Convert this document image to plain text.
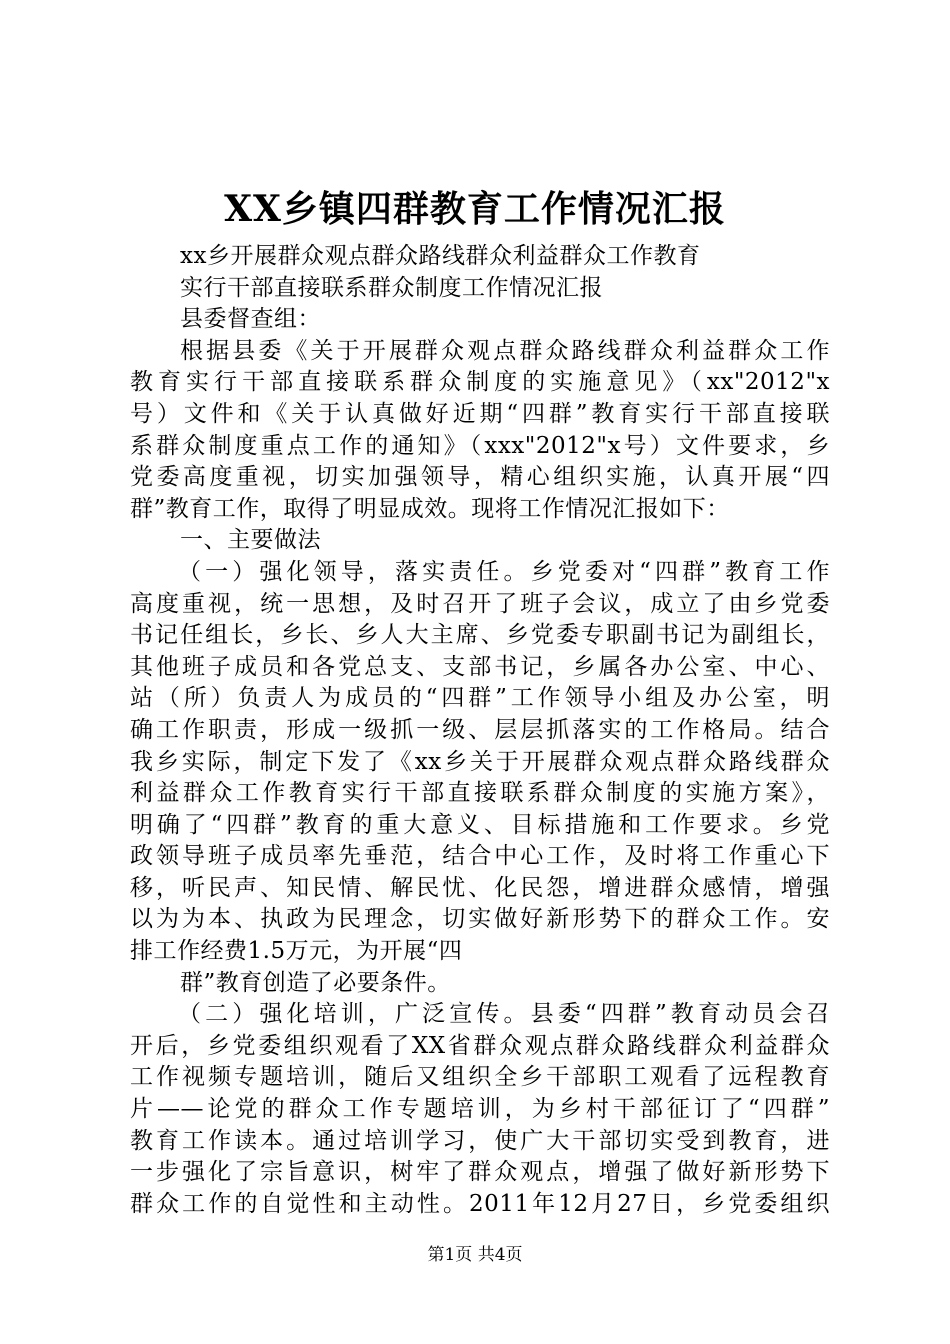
XX乡镇四群教育工作情况汇报
xx乡开展群众观点群众路线群众利益群众工作教育
实行干部直接联系群众制度工作情况汇报
县委督查组：
根据县委《关于开展群众观点群众路线群众利益群众工作
教育实行干部直接联系群众制度的实施意见》（xx"2012"x
号）文件和《关于认真做好近期“四群”教育实行干部直接联
系群众制度重点工作的通知》（xxx"2012"x号）文件要求，乡
党委高度重视，切实加强领导，精心组织实施，认真开展“四
群”教育工作，取得了明显成效。现将工作情况汇报如下：
一、主要做法
（一）强化领导，落实责任。乡党委对“四群”教育工作
高度重视，统一思想，及时召开了班子会议，成立了由乡党委
书记任组长，乡长、乡人大主席、乡党委专职副书记为副组长，
其他班子成员和各党总支、支部书记，乡属各办公室、中心、
站（所）负责人为成员的“四群”工作领导小组及办公室，明
确工作职责，形成一级抓一级、层层抓落实的工作格局。结合
我乡实际，制定下发了《xx乡关于开展群众观点群众路线群众
利益群众工作教育实行干部直接联系群众制度的实施方案》，
明确了“四群”教育的重大意义、目标措施和工作要求。乡党
政领导班子成员率先垂范，结合中心工作，及时将工作重心下
移，听民声、知民情、解民忧、化民怨，增进群众感情，增强
以为为本、执政为民理念，切实做好新形势下的群众工作。安
排工作经费1.5万元，为开展“四
群”教育创造了必要条件。
（二）强化培训，广泛宣传。县委“四群”教育动员会召
开后，乡党委组织观看了XX省群众观点群众路线群众利益群众
工作视频专题培训，随后又组织全乡干部职工观看了远程教育
片——论党的群众工作专题培训，为乡村干部征订了“四群”
教育工作读本。通过培训学习，使广大干部切实受到教育，进
一步强化了宗旨意识，树牢了群众观点，增强了做好新形势下
群众工作的自觉性和主动性。2011年12月27日，乡党委组织
第1页 共4页
